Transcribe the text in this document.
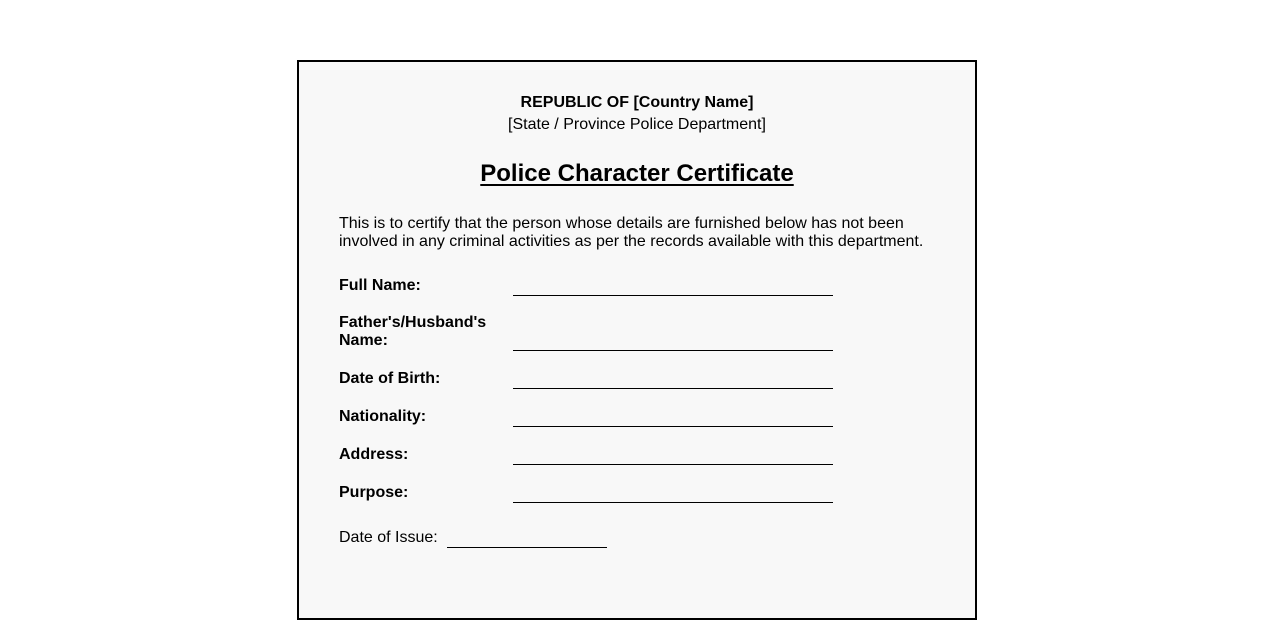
REPUBLIC OF [Country Name]
[State / Province Police Department]
Police Character Certificate
This is to certify that the person whose details are furnished below has not been involved in any criminal activities as per the records available with this department.
Full Name:
Father's/Husband's Name:
Date of Birth:
Nationality:
Address:
Purpose:
Date of Issue:
